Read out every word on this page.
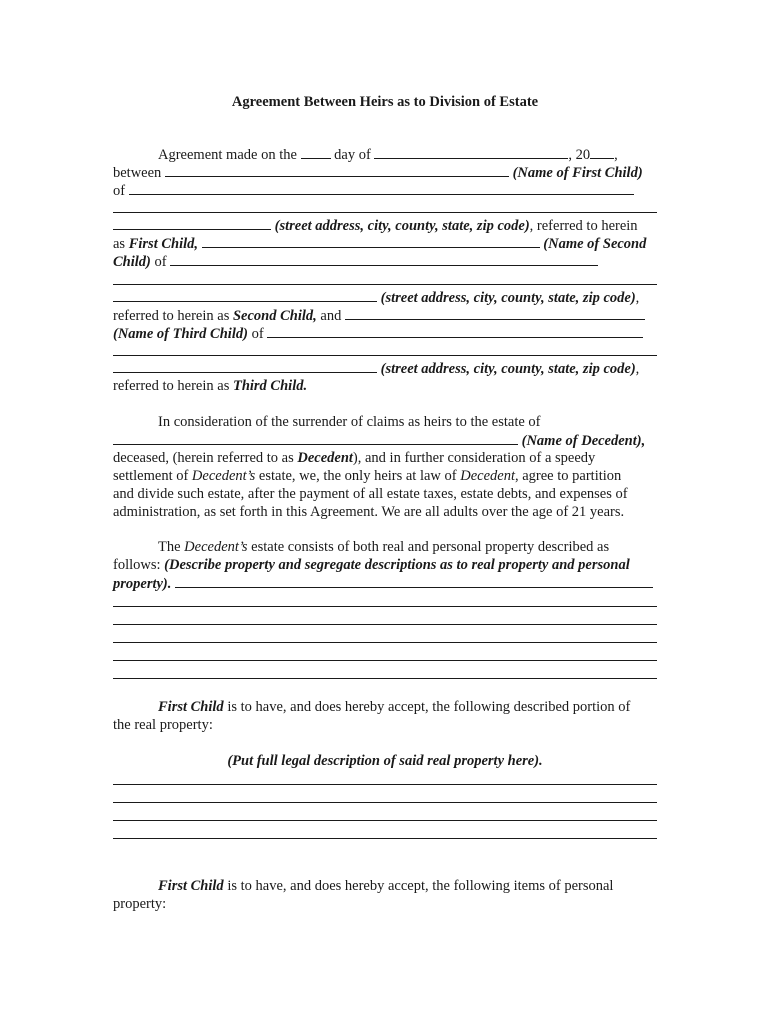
Agreement Between Heirs as to Division of Estate
Agreement made on the	day of	, 20 ,
between	(Name of First Child)
of
(street address, city, county, state, zip code), referred to herein
as First Child,	(Name of Second
Child) of
(street address, city, county, state, zip code),
referred to herein as Second Child, and
(Name of Third Child) of
(street address, city, county, state, zip code),
referred to herein as Third Child.
In consideration of the surrender of claims as heirs to the estate of
(Name of Decedent),
deceased, (herein referred to as Decedent), and in further consideration of a speedy
settlement of Decedent’s estate, we, the only heirs at law of Decedent, agree to partition
and divide such estate, after the payment of all estate taxes, estate debts, and expenses of
administration, as set forth in this Agreement. We are all adults over the age of 21 years.
The Decedent’s estate consists of both real and personal property described as
follows: (Describe property and segregate descriptions as to real property and personal
property).
First Child is to have, and does hereby accept, the following described portion of
the real property:
(Put full legal description of said real property here).
First Child is to have, and does hereby accept, the following items of personal
property:
